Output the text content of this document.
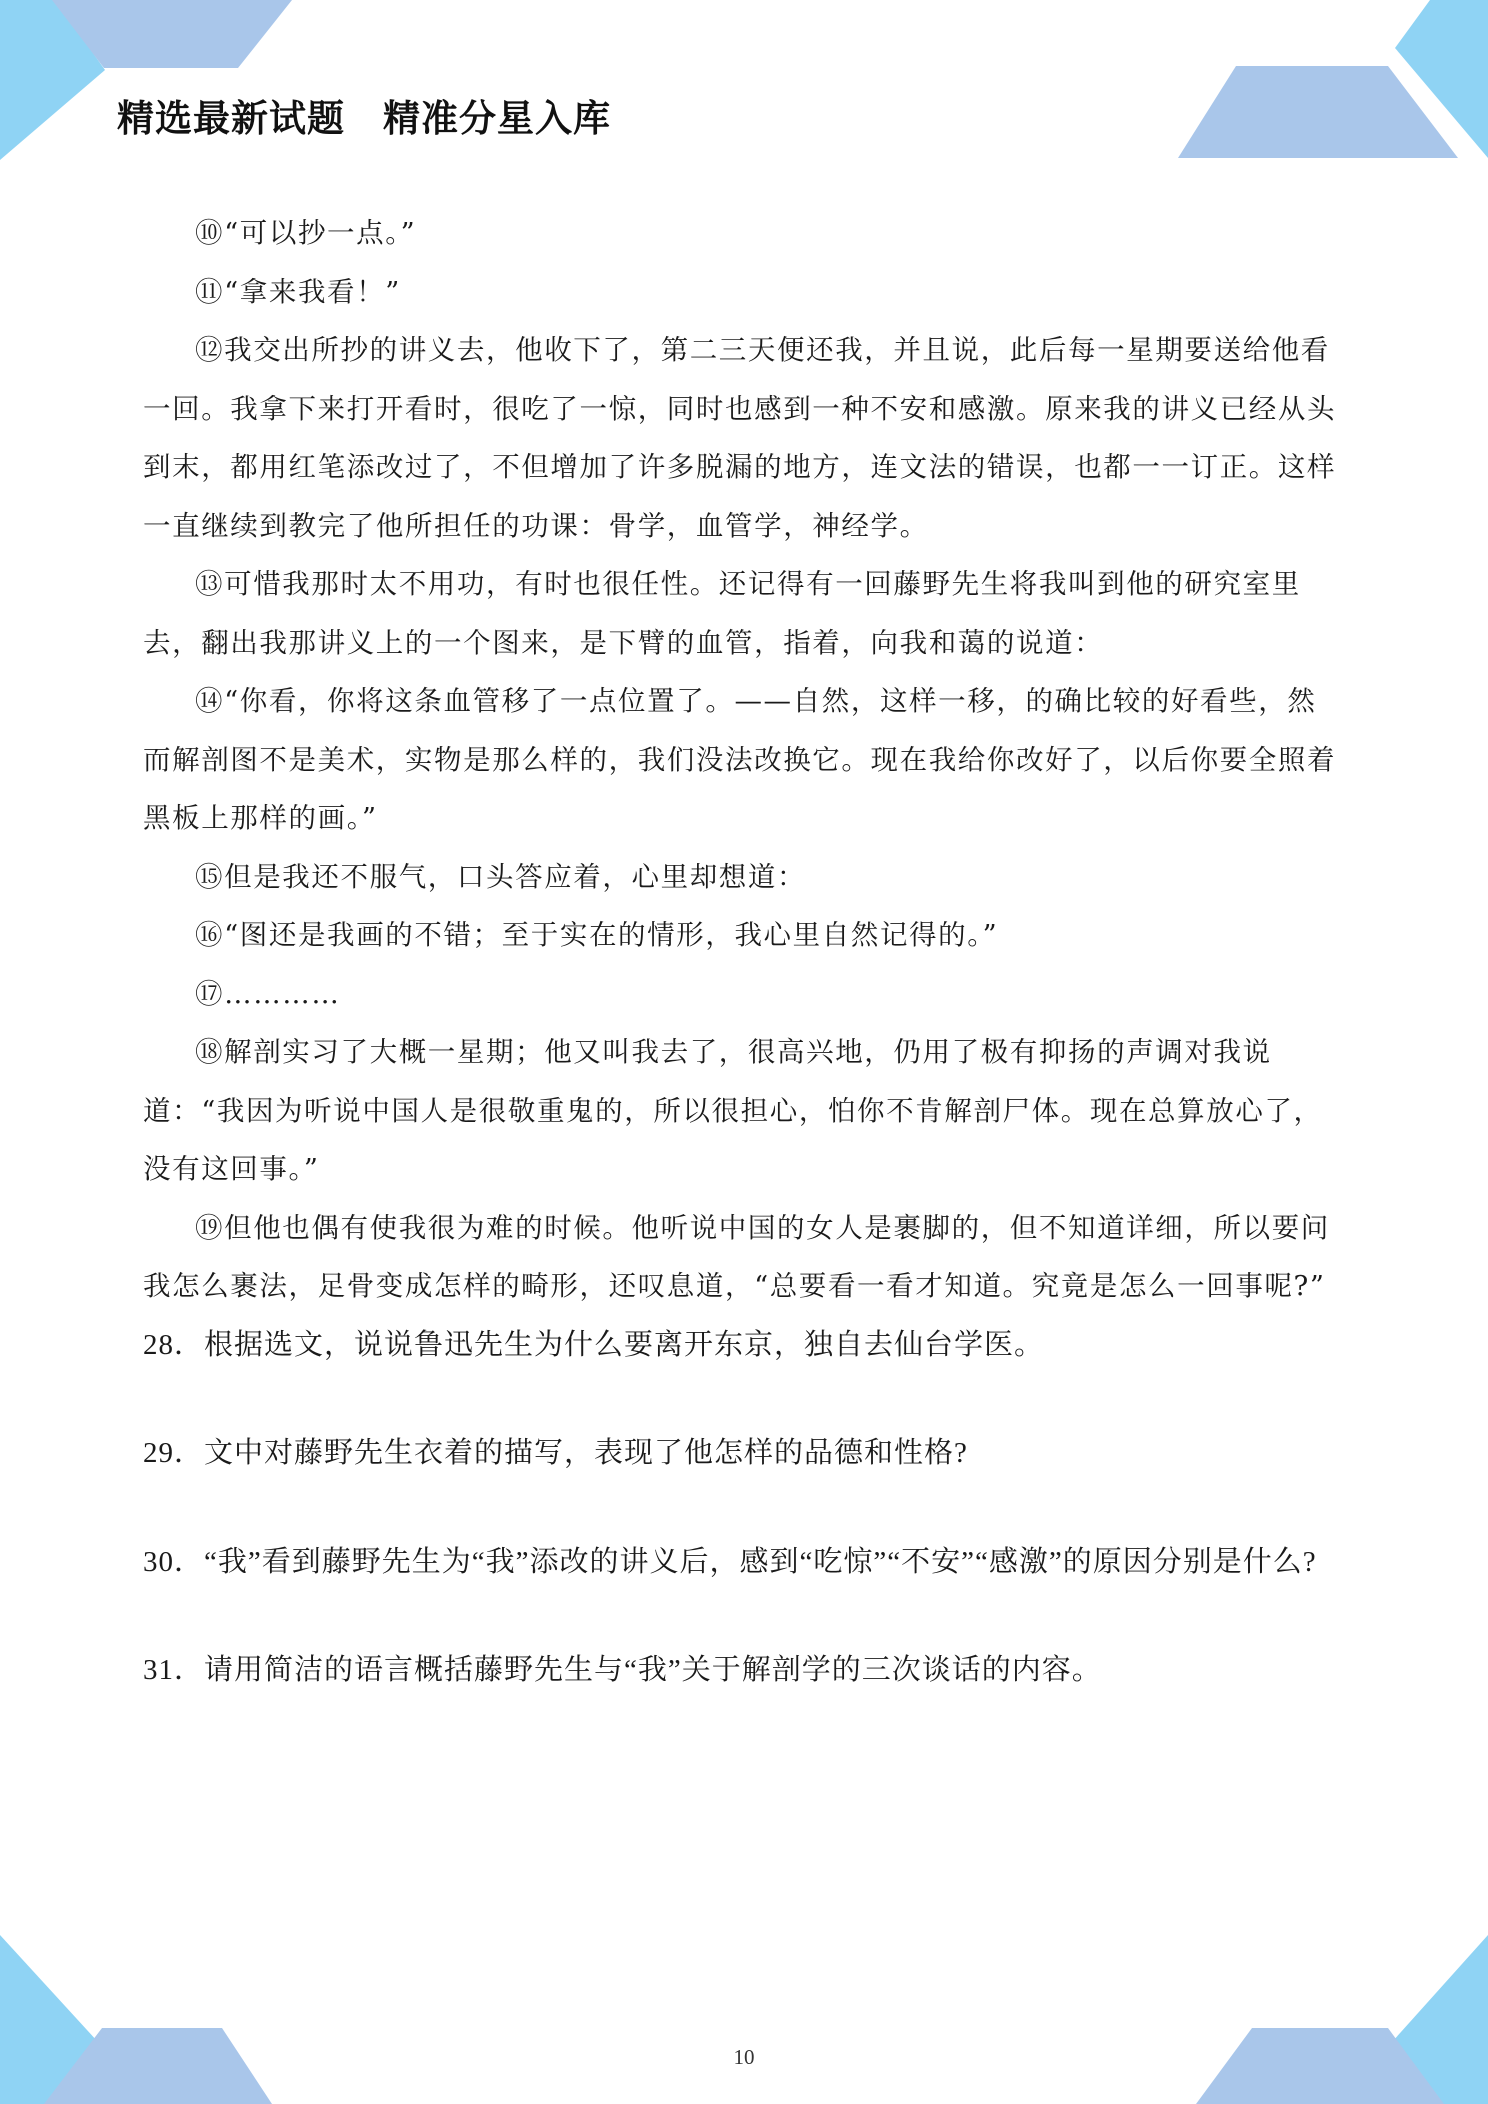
精选最新试题　精准分星入库

⑩“可以抄一点。”

⑪“拿来我看！”

⑫我交出所抄的讲义去，他收下了，第二三天便还我，并且说，此后每一星期要送给他看一回。我拿下来打开看时，很吃了一惊，同时也感到一种不安和感激。原来我的讲义已经从头到末，都用红笔添改过了，不但增加了许多脱漏的地方，连文法的错误，也都一一订正。这样一直继续到教完了他所担任的功课：骨学，血管学，神经学。

⑬可惜我那时太不用功，有时也很任性。还记得有一回藤野先生将我叫到他的研究室里去，翻出我那讲义上的一个图来，是下臂的血管，指着，向我和蔼的说道：

⑭“你看，你将这条血管移了一点位置了。——自然，这样一移，的确比较的好看些，然而解剖图不是美术，实物是那么样的，我们没法改换它。现在我给你改好了，以后你要全照着黑板上那样的画。”

⑮但是我还不服气，口头答应着，心里却想道：

⑯“图还是我画的不错；至于实在的情形，我心里自然记得的。”

⑰…………

⑱解剖实习了大概一星期；他又叫我去了，很高兴地，仍用了极有抑扬的声调对我说道：“我因为听说中国人是很敬重鬼的，所以很担心，怕你不肯解剖尸体。现在总算放心了，没有这回事。”

⑲但他也偶有使我很为难的时候。他听说中国的女人是裹脚的，但不知道详细，所以要问我怎么裹法，足骨变成怎样的畸形，还叹息道，“总要看一看才知道。究竟是怎么一回事呢?”

28．根据选文，说说鲁迅先生为什么要离开东京，独自去仙台学医。

29．文中对藤野先生衣着的描写，表现了他怎样的品德和性格?

30．“我”看到藤野先生为“我”添改的讲义后，感到“吃惊”“不安”“感激”的原因分别是什么?

31．请用简洁的语言概括藤野先生与“我”关于解剖学的三次谈话的内容。

10
